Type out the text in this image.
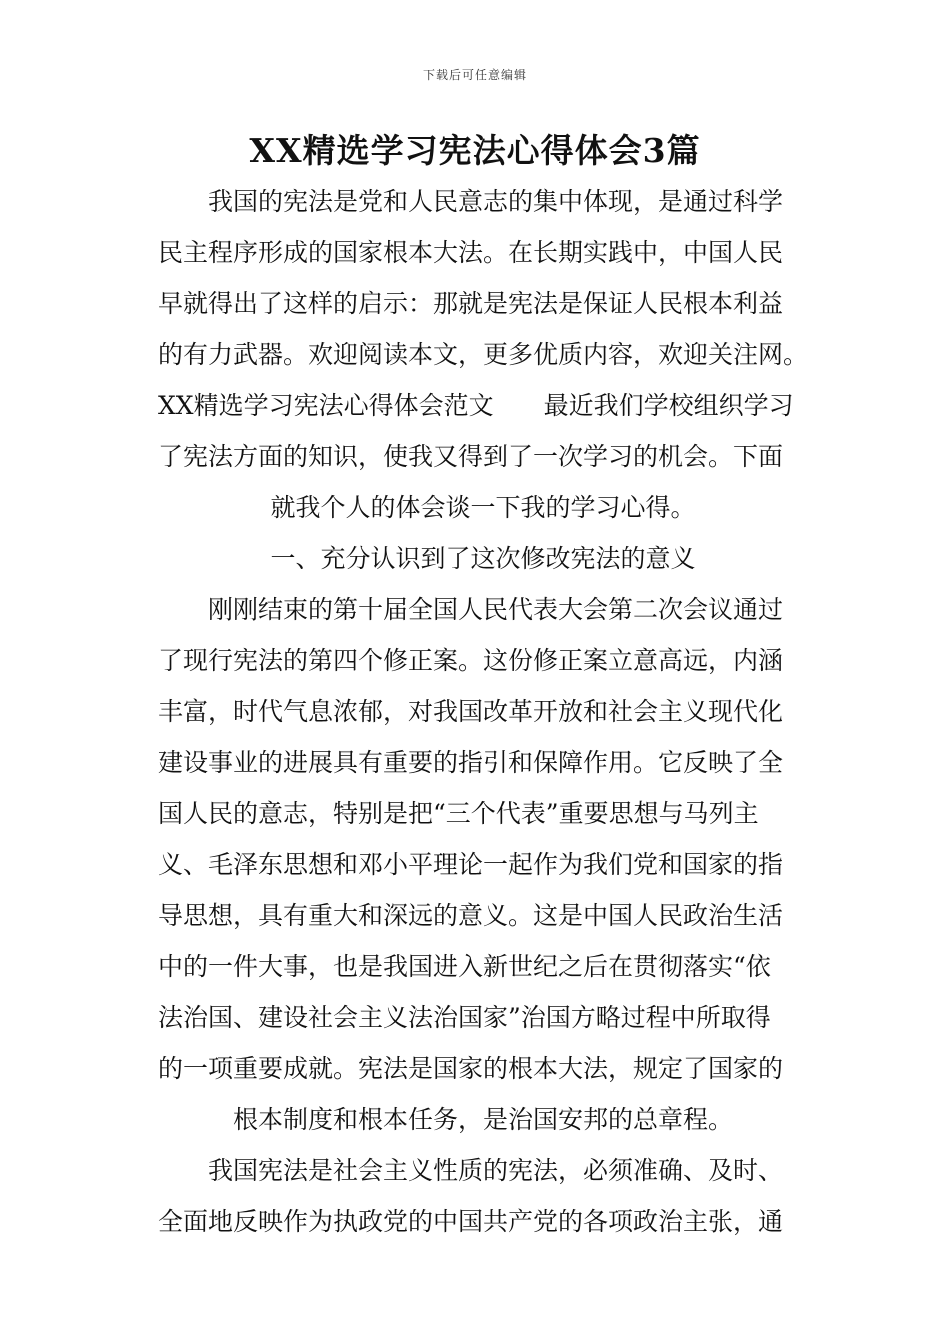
下载后可任意编辑
XX精选学习宪法心得体会3篇
我国的宪法是党和人民意志的集中体现，是通过科学
民主程序形成的国家根本大法。在长期实践中，中国人民
早就得出了这样的启示：那就是宪法是保证人民根本利益
的有力武器。欢迎阅读本文，更多优质内容，欢迎关注网。
XX精选学习宪法心得体会范文 最近我们学校组织学习
了宪法方面的知识，使我又得到了一次学习的机会。下面
就我个人的体会谈一下我的学习心得。
一、充分认识到了这次修改宪法的意义
刚刚结束的第十届全国人民代表大会第二次会议通过
了现行宪法的第四个修正案。这份修正案立意高远，内涵
丰富，时代气息浓郁，对我国改革开放和社会主义现代化
建设事业的进展具有重要的指引和保障作用。它反映了全
国人民的意志，特别是把“三个代表”重要思想与马列主
义、毛泽东思想和邓小平理论一起作为我们党和国家的指
导思想，具有重大和深远的意义。这是中国人民政治生活
中的一件大事，也是我国进入新世纪之后在贯彻落实“依
法治国、建设社会主义法治国家”治国方略过程中所取得
的一项重要成就。宪法是国家的根本大法，规定了国家的
根本制度和根本任务，是治国安邦的总章程。
我国宪法是社会主义性质的宪法，必须准确、及时、
全面地反映作为执政党的中国共产党的各项政治主张，通
